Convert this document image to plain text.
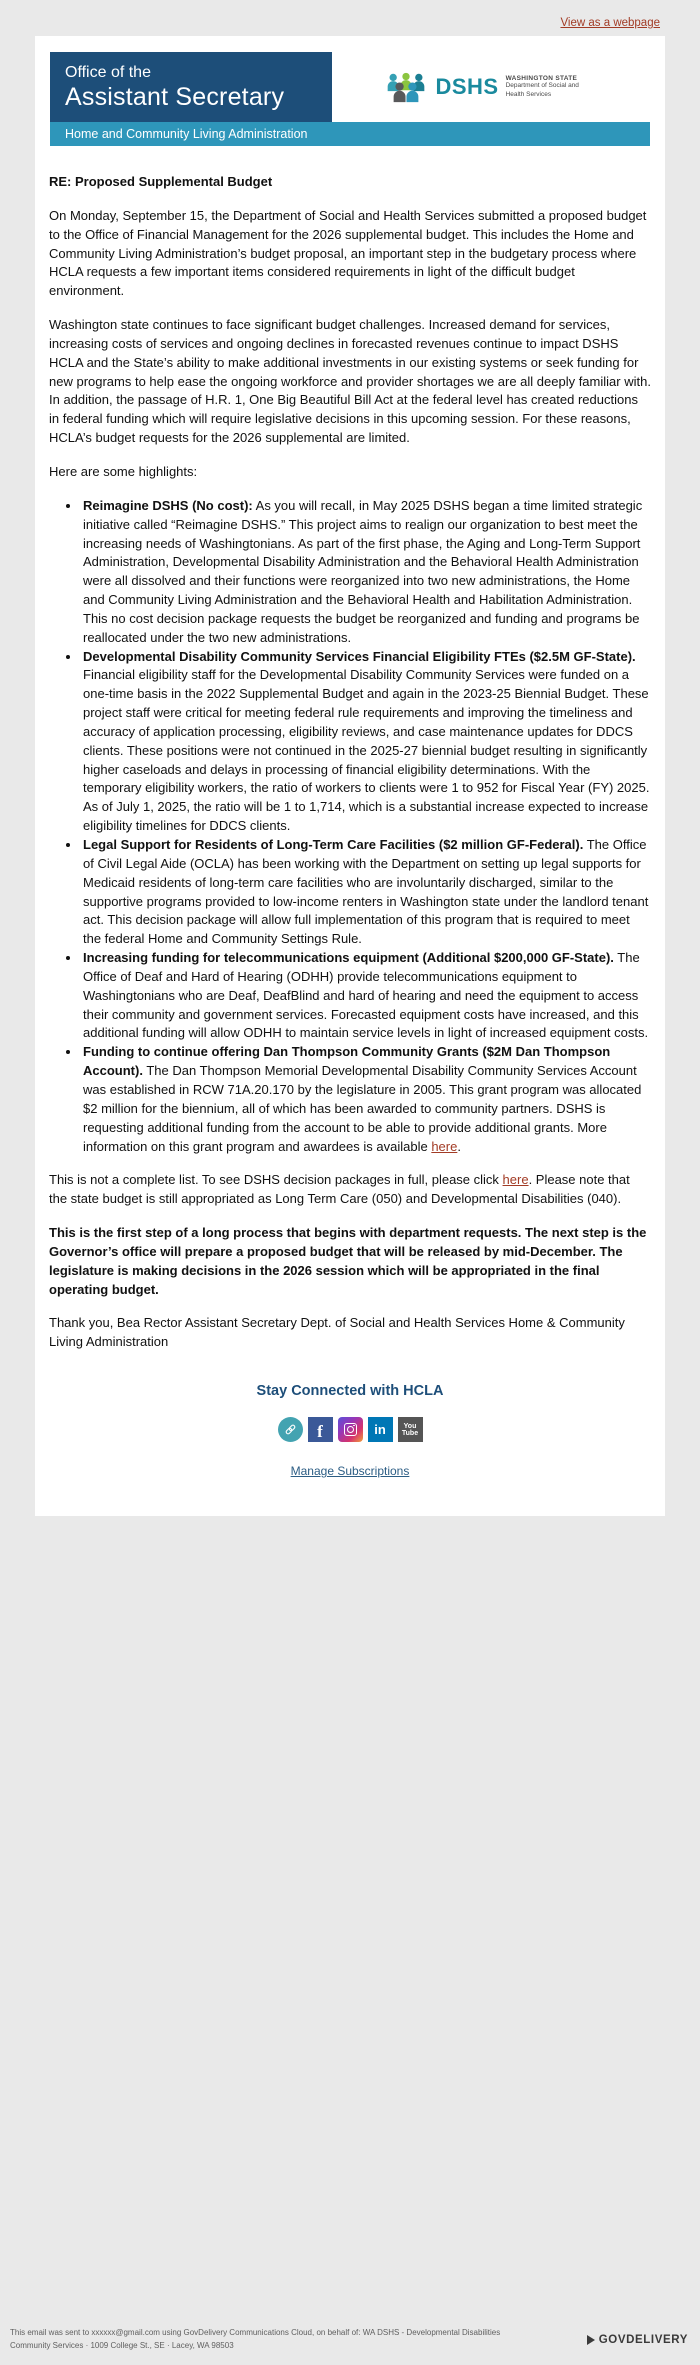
View as a webpage
Office of the
Assistant Secretary	DSHS WASHINGTON STATE
Department of Social and Health Services
Home and Community Living Administration

RE: Proposed Supplemental Budget

On Monday, September 15, the Department of Social and Health Services submitted a proposed budget to the Office of Financial Management for the 2026 supplemental budget. This includes the Home and Community Living Administration’s budget proposal, an important step in the budgetary process where HCLA requests a few important items considered requirements in light of the difficult budget environment.

Washington state continues to face significant budget challenges. Increased demand for services, increasing costs of services and ongoing declines in forecasted revenues continue to impact DSHS HCLA and the State’s ability to make additional investments in our existing systems or seek funding for new programs to help ease the ongoing workforce and provider shortages we are all deeply familiar with. In addition, the passage of H.R. 1, One Big Beautiful Bill Act at the federal level has created reductions in federal funding which will require legislative decisions in this upcoming session. For these reasons, HCLA’s budget requests for the 2026 supplemental are limited.

Here are some highlights:

• Reimagine DSHS (No cost): As you will recall, in May 2025 DSHS began a time limited strategic initiative called “Reimagine DSHS.” This project aims to realign our organization to best meet the increasing needs of Washingtonians. As part of the first phase, the Aging and Long-Term Support Administration, Developmental Disability Administration and the Behavioral Health Administration were all dissolved and their functions were reorganized into two new administrations, the Home and Community Living Administration and the Behavioral Health and Habilitation Administration. This no cost decision package requests the budget be reorganized and funding and programs be reallocated under the two new administrations.
• Developmental Disability Community Services Financial Eligibility FTEs ($2.5M GF-State). Financial eligibility staff for the Developmental Disability Community Services were funded on a one-time basis in the 2022 Supplemental Budget and again in the 2023-25 Biennial Budget. These project staff were critical for meeting federal rule requirements and improving the timeliness and accuracy of application processing, eligibility reviews, and case maintenance updates for DDCS clients. These positions were not continued in the 2025-27 biennial budget resulting in significantly higher caseloads and delays in processing of financial eligibility determinations. With the temporary eligibility workers, the ratio of workers to clients were 1 to 952 for Fiscal Year (FY) 2025. As of July 1, 2025, the ratio will be 1 to 1,714, which is a substantial increase expected to increase eligibility timelines for DDCS clients.
• Legal Support for Residents of Long-Term Care Facilities ($2 million GF-Federal). The Office of Civil Legal Aide (OCLA) has been working with the Department on setting up legal supports for Medicaid residents of long-term care facilities who are involuntarily discharged, similar to the supportive programs provided to low-income renters in Washington state under the landlord tenant act. This decision package will allow full implementation of this program that is required to meet the federal Home and Community Settings Rule.
• Increasing funding for telecommunications equipment (Additional $200,000 GF-State). The Office of Deaf and Hard of Hearing (ODHH) provide telecommunications equipment to Washingtonians who are Deaf, DeafBlind and hard of hearing and need the equipment to access their community and government services. Forecasted equipment costs have increased, and this additional funding will allow ODHH to maintain service levels in light of increased equipment costs.
• Funding to continue offering Dan Thompson Community Grants ($2M Dan Thompson Account). The Dan Thompson Memorial Developmental Disability Community Services Account was established in RCW 71A.20.170 by the legislature in 2005. This grant program was allocated $2 million for the biennium, all of which has been awarded to community partners. DSHS is requesting additional funding from the account to be able to provide additional grants. More information on this grant program and awardees is available here.

This is not a complete list. To see DSHS decision packages in full, please click here. Please note that the state budget is still appropriated as Long Term Care (050) and Developmental Disabilities (040).

This is the first step of a long process that begins with department requests. The next step is the Governor’s office will prepare a proposed budget that will be released by mid-December. The legislature is making decisions in the 2026 session which will be appropriated in the final operating budget.

Thank you, Bea Rector Assistant Secretary Dept. of Social and Health Services Home & Community Living Administration

Stay Connected with HCLA
f	in	You
Tube
Manage Subscriptions
This email was sent to xxxxxx@gmail.com using GovDelivery Communications Cloud, on behalf of: WA DSHS - Developmental Disabilities Community Services · 1009 College St., SE · Lacey, WA 98503	GOVDELIVERY
